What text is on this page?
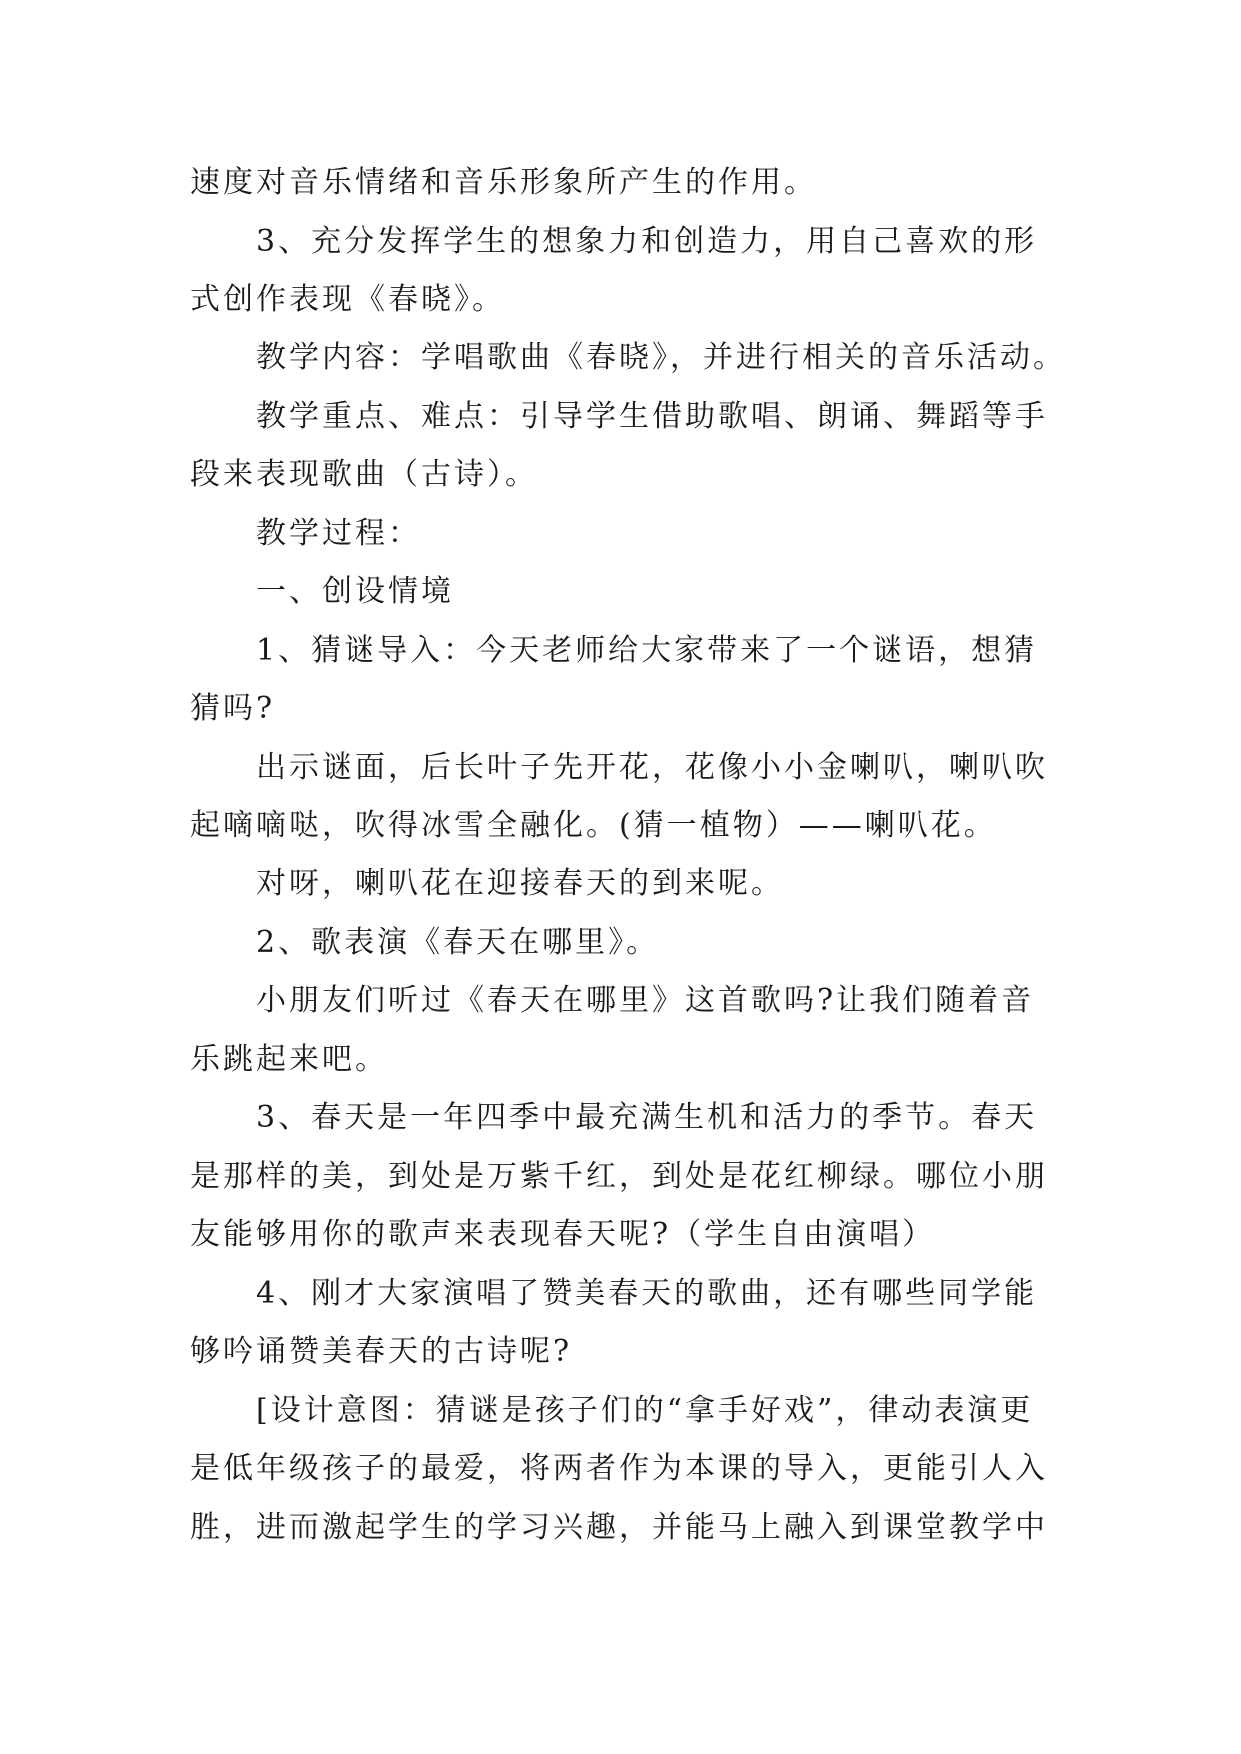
速度对音乐情绪和音乐形象所产生的作用。
3、充分发挥学生的想象力和创造力，用自己喜欢的形
式创作表现《春晓》。
教学内容：学唱歌曲《春晓》，并进行相关的音乐活动。
教学重点、难点：引导学生借助歌唱、朗诵、舞蹈等手
段来表现歌曲（古诗）。
教学过程：
一、创设情境
1、猜谜导入：今天老师给大家带来了一个谜语，想猜
猜吗?
出示谜面，后长叶子先开花，花像小小金喇叭，喇叭吹
起嘀嘀哒，吹得冰雪全融化。(猜一植物）——喇叭花。
对呀，喇叭花在迎接春天的到来呢。
2、歌表演《春天在哪里》。
小朋友们听过《春天在哪里》这首歌吗?让我们随着音
乐跳起来吧。
3、春天是一年四季中最充满生机和活力的季节。春天
是那样的美，到处是万紫千红，到处是花红柳绿。哪位小朋
友能够用你的歌声来表现春天呢?（学生自由演唱）
4、刚才大家演唱了赞美春天的歌曲，还有哪些同学能
够吟诵赞美春天的古诗呢?
[设计意图：猜谜是孩子们的“拿手好戏”，律动表演更
是低年级孩子的最爱，将两者作为本课的导入，更能引人入
胜，进而激起学生的学习兴趣，并能马上融入到课堂教学中
